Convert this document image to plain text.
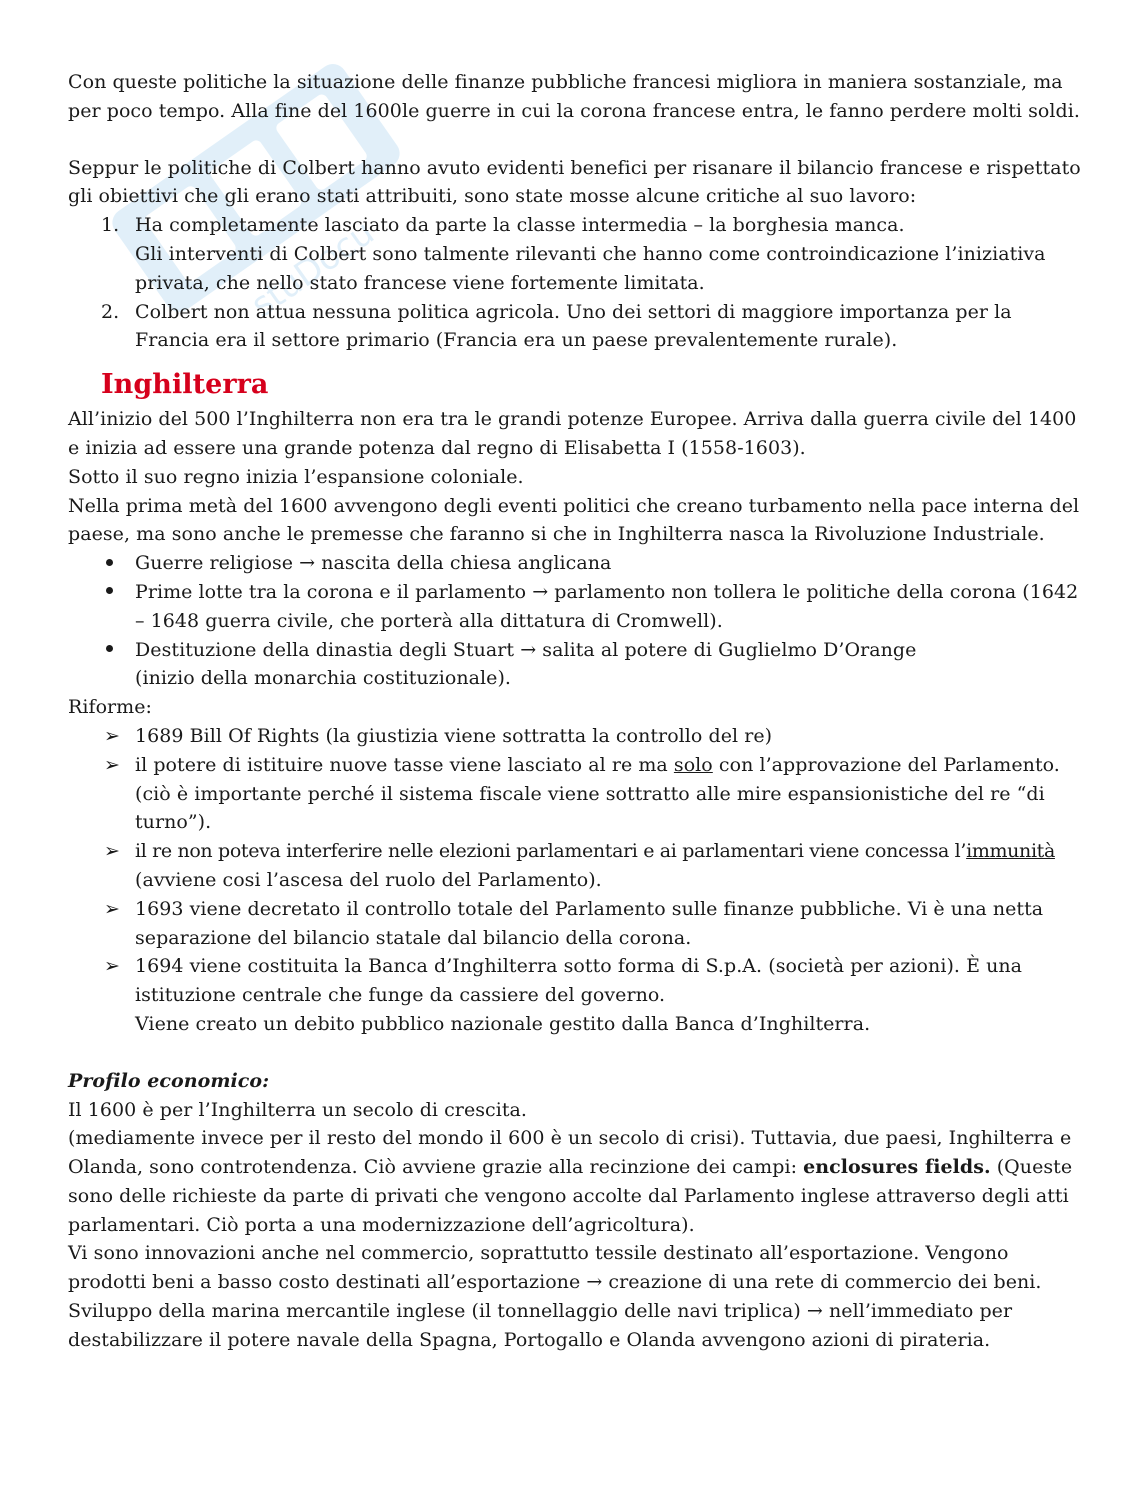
stuDocu

Con queste politiche la situazione delle finanze pubbliche francesi migliora in maniera sostanziale, ma per poco tempo. Alla fine del 1600le guerre in cui la corona francese entra, le fanno perdere molti soldi.

Seppur le politiche di Colbert hanno avuto evidenti benefici per risanare il bilancio francese e rispettato gli obiettivi che gli erano stati attribuiti, sono state mosse alcune critiche al suo lavoro:

1. Ha completamente lasciato da parte la classe intermedia – la borghesia manca.
Gli interventi di Colbert sono talmente rilevanti che hanno come controindicazione l’iniziativa privata, che nello stato francese viene fortemente limitata.
2. Colbert non attua nessuna politica agricola. Uno dei settori di maggiore importanza per la Francia era il settore primario (Francia era un paese prevalentemente rurale).
Inghilterra

All’inizio del 500 l’Inghilterra non era tra le grandi potenze Europee. Arriva dalla guerra civile del 1400 e inizia ad essere una grande potenza dal regno di Elisabetta I (1558-1603).

Sotto il suo regno inizia l’espansione coloniale.

Nella prima metà del 1600 avvengono degli eventi politici che creano turbamento nella pace interna del paese, ma sono anche le premesse che faranno si che in Inghilterra nasca la Rivoluzione Industriale.

Guerre religiose → nascita della chiesa anglicana
Prime lotte tra la corona e il parlamento → parlamento non tollera le politiche della corona (1642 – 1648 guerra civile, che porterà alla dittatura di Cromwell).
Destituzione della dinastia degli Stuart → salita al potere di Guglielmo D’Orange
(inizio della monarchia costituzionale).

Riforme:

➢ 1689 Bill Of Rights (la giustizia viene sottratta la controllo del re)
➢ il potere di istituire nuove tasse viene lasciato al re ma solo con l’approvazione del Parlamento.
(ciò è importante perché il sistema fiscale viene sottratto alle mire espansionistiche del re “di turno”).
➢ il re non poteva interferire nelle elezioni parlamentari e ai parlamentari viene concessa l’immunità
(avviene cosi l’ascesa del ruolo del Parlamento).
➢ 1693 viene decretato il controllo totale del Parlamento sulle finanze pubbliche. Vi è una netta separazione del bilancio statale dal bilancio della corona.
➢ 1694 viene costituita la Banca d’Inghilterra sotto forma di S.p.A. (società per azioni). È una istituzione centrale che funge da cassiere del governo.
Viene creato un debito pubblico nazionale gestito dalla Banca d’Inghilterra.

Profilo economico:

Il 1600 è per l’Inghilterra un secolo di crescita.

(mediamente invece per il resto del mondo il 600 è un secolo di crisi). Tuttavia, due paesi, Inghilterra e Olanda, sono controtendenza. Ciò avviene grazie alla recinzione dei campi: enclosures fields. (Queste sono delle richieste da parte di privati che vengono accolte dal Parlamento inglese attraverso degli atti parlamentari. Ciò porta a una modernizzazione dell’agricoltura).

Vi sono innovazioni anche nel commercio, soprattutto tessile destinato all’esportazione. Vengono prodotti beni a basso costo destinati all’esportazione → creazione di una rete di commercio dei beni.

Sviluppo della marina mercantile inglese (il tonnellaggio delle navi triplica) → nell’immediato per destabilizzare il potere navale della Spagna, Portogallo e Olanda avvengono azioni di pirateria.
